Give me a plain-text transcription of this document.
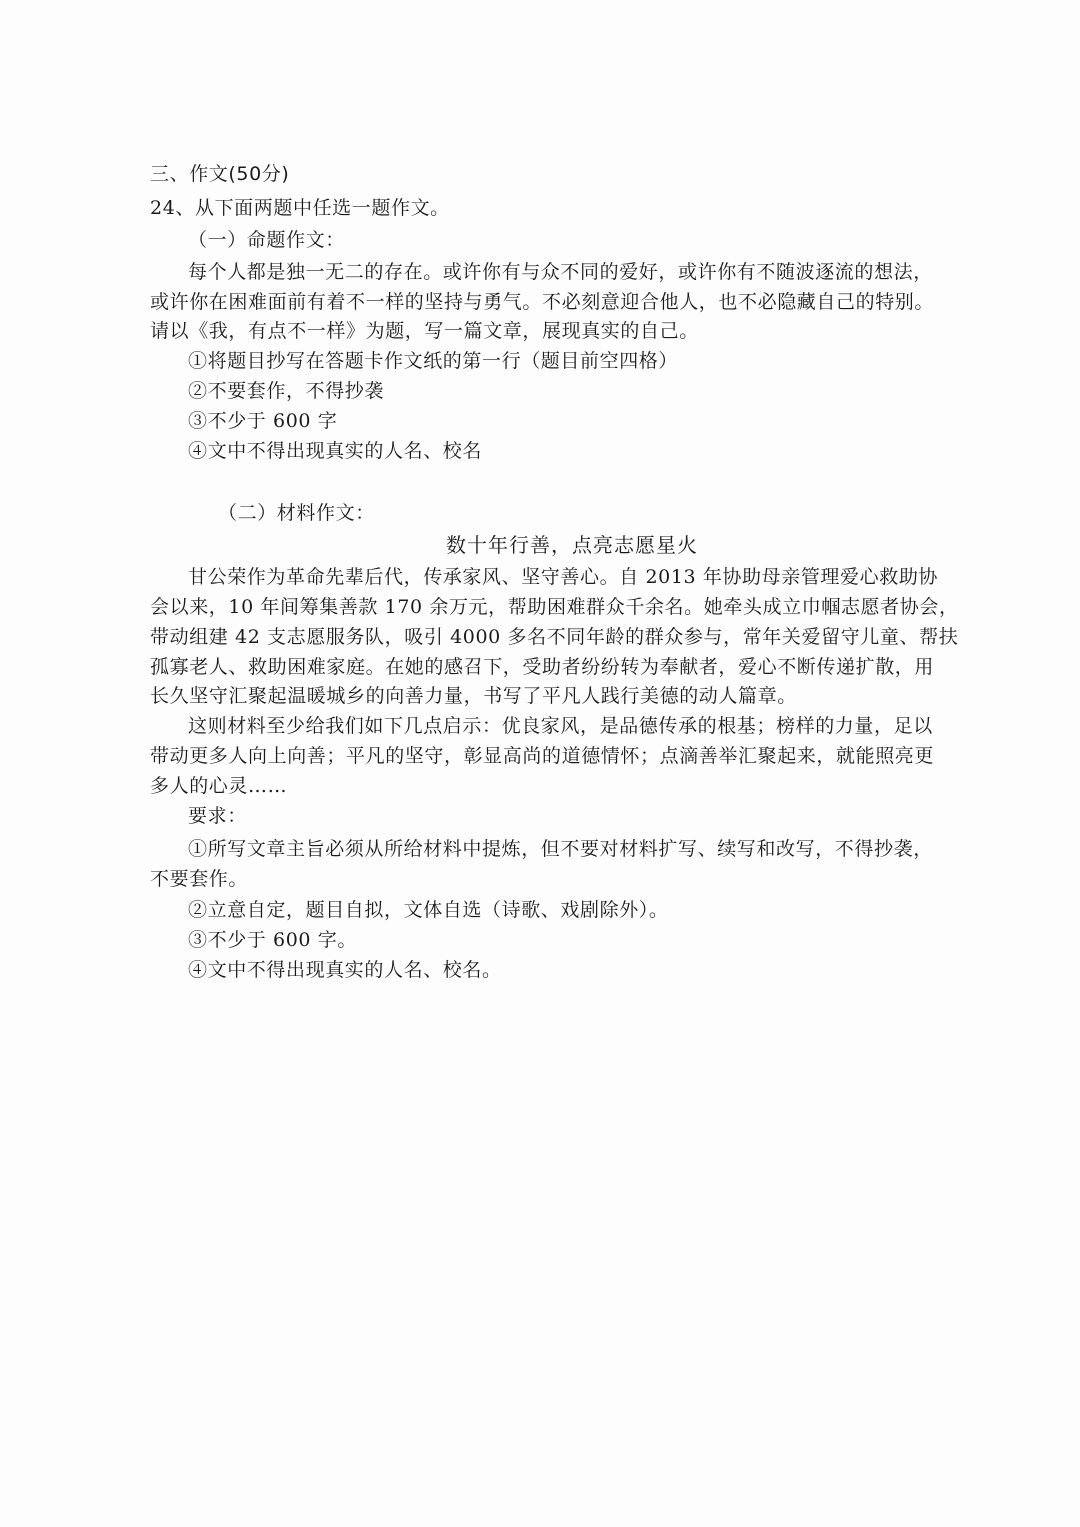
三、作文(50分)
24、从下面两题中任选一题作文。
（一）命题作文：
每个人都是独一无二的存在。或许你有与众不同的爱好，或许你有不随波逐流的想法，
或许你在困难面前有着不一样的坚持与勇气。不必刻意迎合他人，也不必隐藏自己的特别。
请以《我，有点不一样》为题，写一篇文章，展现真实的自己。
①将题目抄写在答题卡作文纸的第一行（题目前空四格）
②不要套作，不得抄袭
③不少于 600 字
④文中不得出现真实的人名、校名
（二）材料作文：
数十年行善，点亮志愿星火
甘公荣作为革命先辈后代，传承家风、坚守善心。自 2013 年协助母亲管理爱心救助协
会以来，10 年间筹集善款 170 余万元，帮助困难群众千余名。她牵头成立巾帼志愿者协会，
带动组建 42 支志愿服务队，吸引 4000 多名不同年龄的群众参与，常年关爱留守儿童、帮扶
孤寡老人、救助困难家庭。在她的感召下，受助者纷纷转为奉献者，爱心不断传递扩散，用
长久坚守汇聚起温暖城乡的向善力量，书写了平凡人践行美德的动人篇章。
这则材料至少给我们如下几点启示：优良家风，是品德传承的根基；榜样的力量，足以
带动更多人向上向善；平凡的坚守，彰显高尚的道德情怀；点滴善举汇聚起来，就能照亮更
多人的心灵……
要求：
①所写文章主旨必须从所给材料中提炼，但不要对材料扩写、续写和改写，不得抄袭，
不要套作。
②立意自定，题目自拟，文体自选（诗歌、戏剧除外）。
③不少于 600 字。
④文中不得出现真实的人名、校名。
